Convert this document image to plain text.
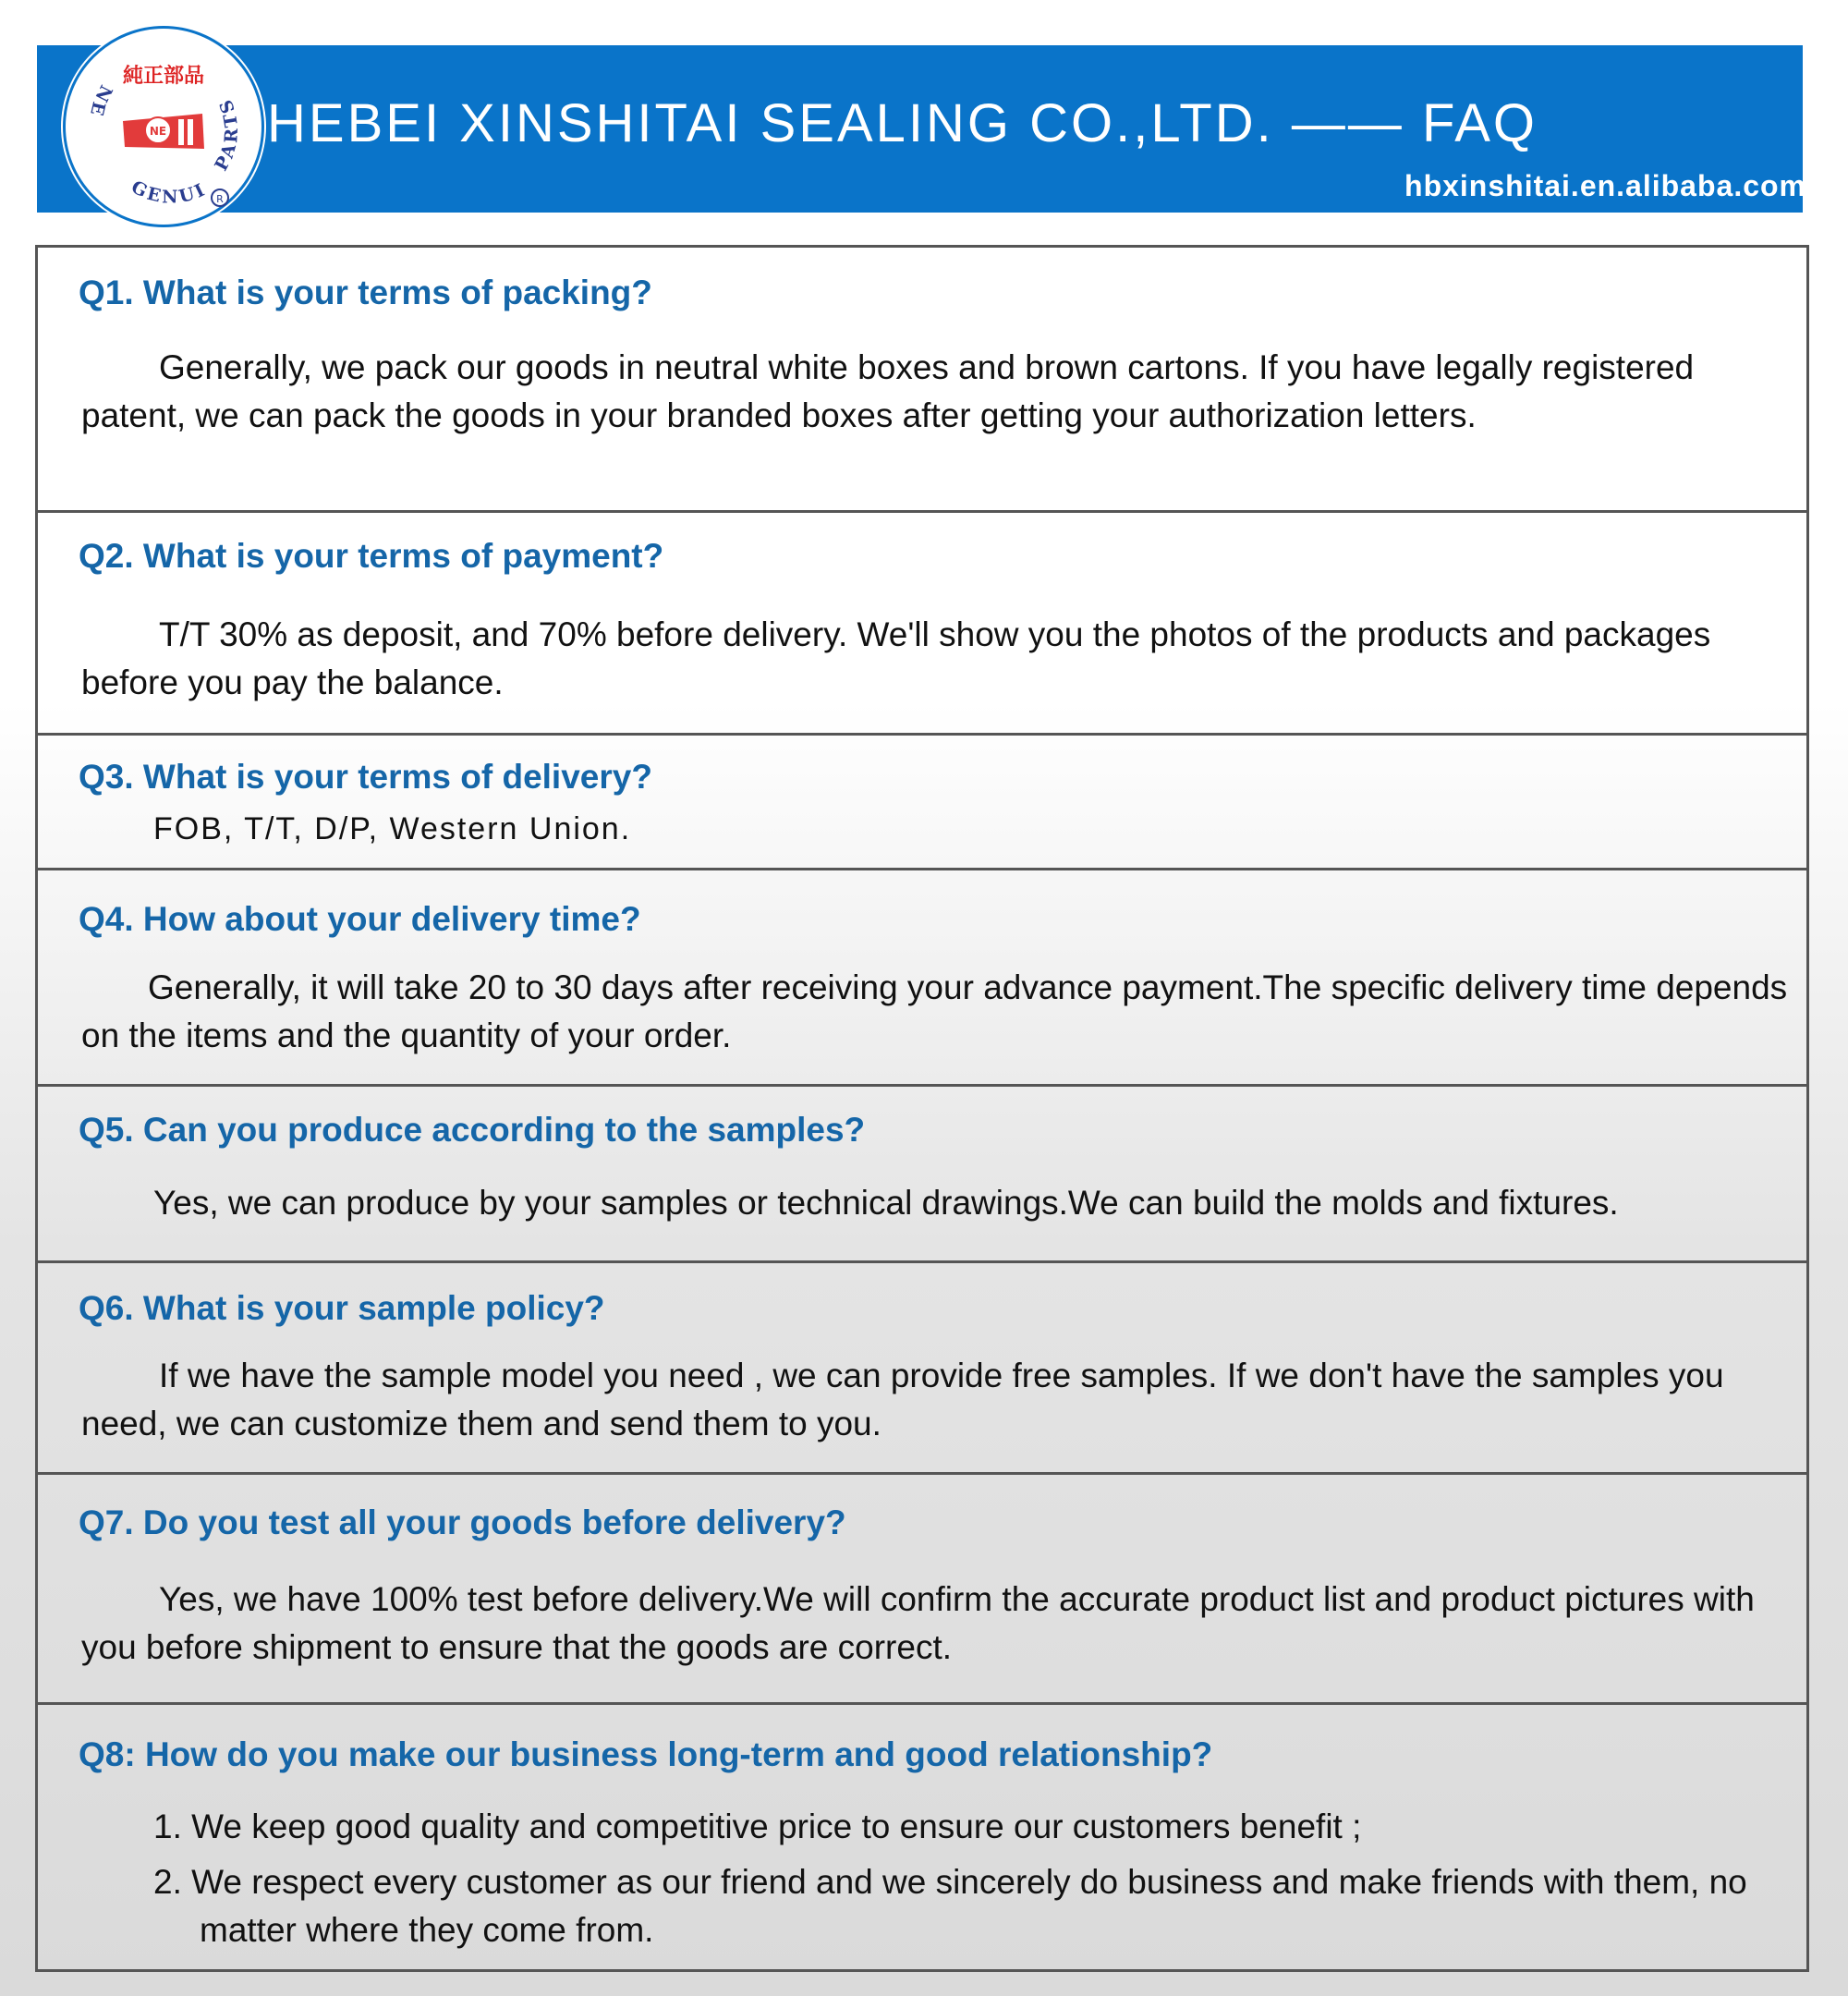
純正部品
NE
GENUI
PARTS
NE
R
HEBEI XINSHITAI SEALING CO.,LTD. —— FAQ
hbxinshitai.en.alibaba.com
Q1. What is your terms of packing?

Generally, we pack our goods in neutral white boxes and brown cartons. If you have legally registered patent, we can pack the goods in your branded boxes after getting your authorization letters.

Q2. What is your terms of payment?

T/T 30% as deposit, and 70% before delivery. We'll show you the photos of the products and packages before you pay the balance.

Q3. What is your terms of delivery?

FOB, T/T, D/P, Western Union.

Q4. How about your delivery time?

Generally, it will take 20 to 30 days after receiving your advance payment.The specific delivery time depends on the items and the quantity of your order.

Q5. Can you produce according to the samples?

Yes, we can produce by your samples or technical drawings.We can build the molds and fixtures.

Q6. What is your sample policy?

If we have the sample model you need , we can provide free samples. If we don't have the samples you need, we can customize them and send them to you.

Q7. Do you test all your goods before delivery?

Yes, we have 100% test before delivery.We will confirm the accurate product list and product pictures with you before shipment to ensure that the goods are correct.

Q8: How do you make our business long-term and good relationship?
1. We keep good quality and competitive price to ensure our customers benefit ;
2. We respect every customer as our friend and we sincerely do business and make friends with them, no matter where they come from.
